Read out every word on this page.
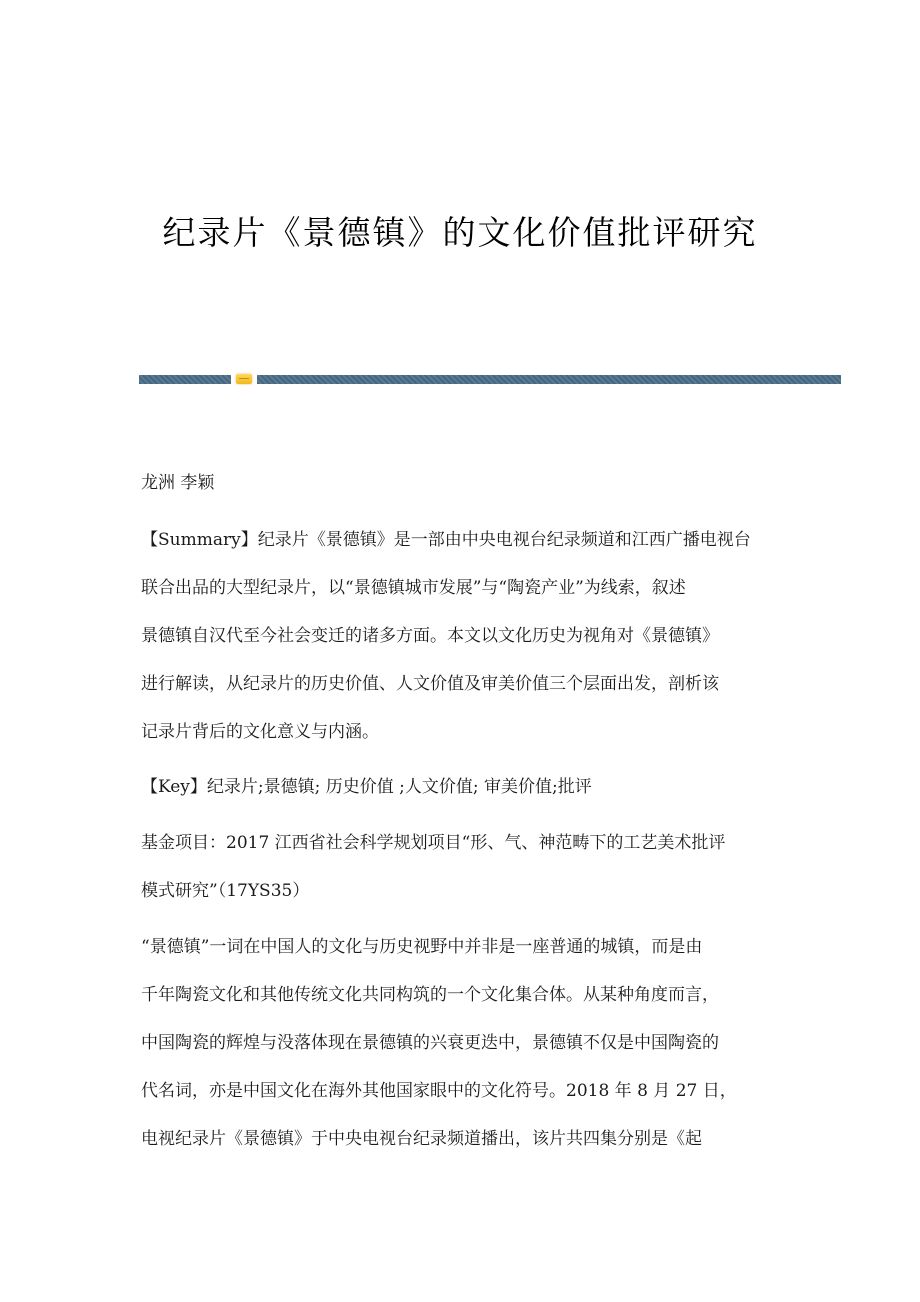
纪录片《景德镇》的文化价值批评研究
龙洲 李颖
【Summary】纪录片《景德镇》是一部由中央电视台纪录频道和江西广播电视台
联合出品的大型纪录片，以“景德镇城市发展”与“陶瓷产业”为线索，叙述
景德镇自汉代至今社会变迁的诸多方面。本文以文化历史为视角对《景德镇》
进行解读，从纪录片的历史价值、人文价值及审美价值三个层面出发，剖析该
记录片背后的文化意义与内涵。
【Key】纪录片;景德镇; 历史价值 ;人文价值; 审美价值;批评
基金项目：2017 江西省社会科学规划项目“形、气、神范畴下的工艺美术批评
模式研究”（17YS35）
“景德镇”一词在中国人的文化与历史视野中并非是一座普通的城镇，而是由
千年陶瓷文化和其他传统文化共同构筑的一个文化集合体。从某种角度而言，
中国陶瓷的辉煌与没落体现在景德镇的兴衰更迭中，景德镇不仅是中国陶瓷的
代名词，亦是中国文化在海外其他国家眼中的文化符号。2018 年 8 月 27 日，
电视纪录片《景德镇》于中央电视台纪录频道播出，该片共四集分别是《起
